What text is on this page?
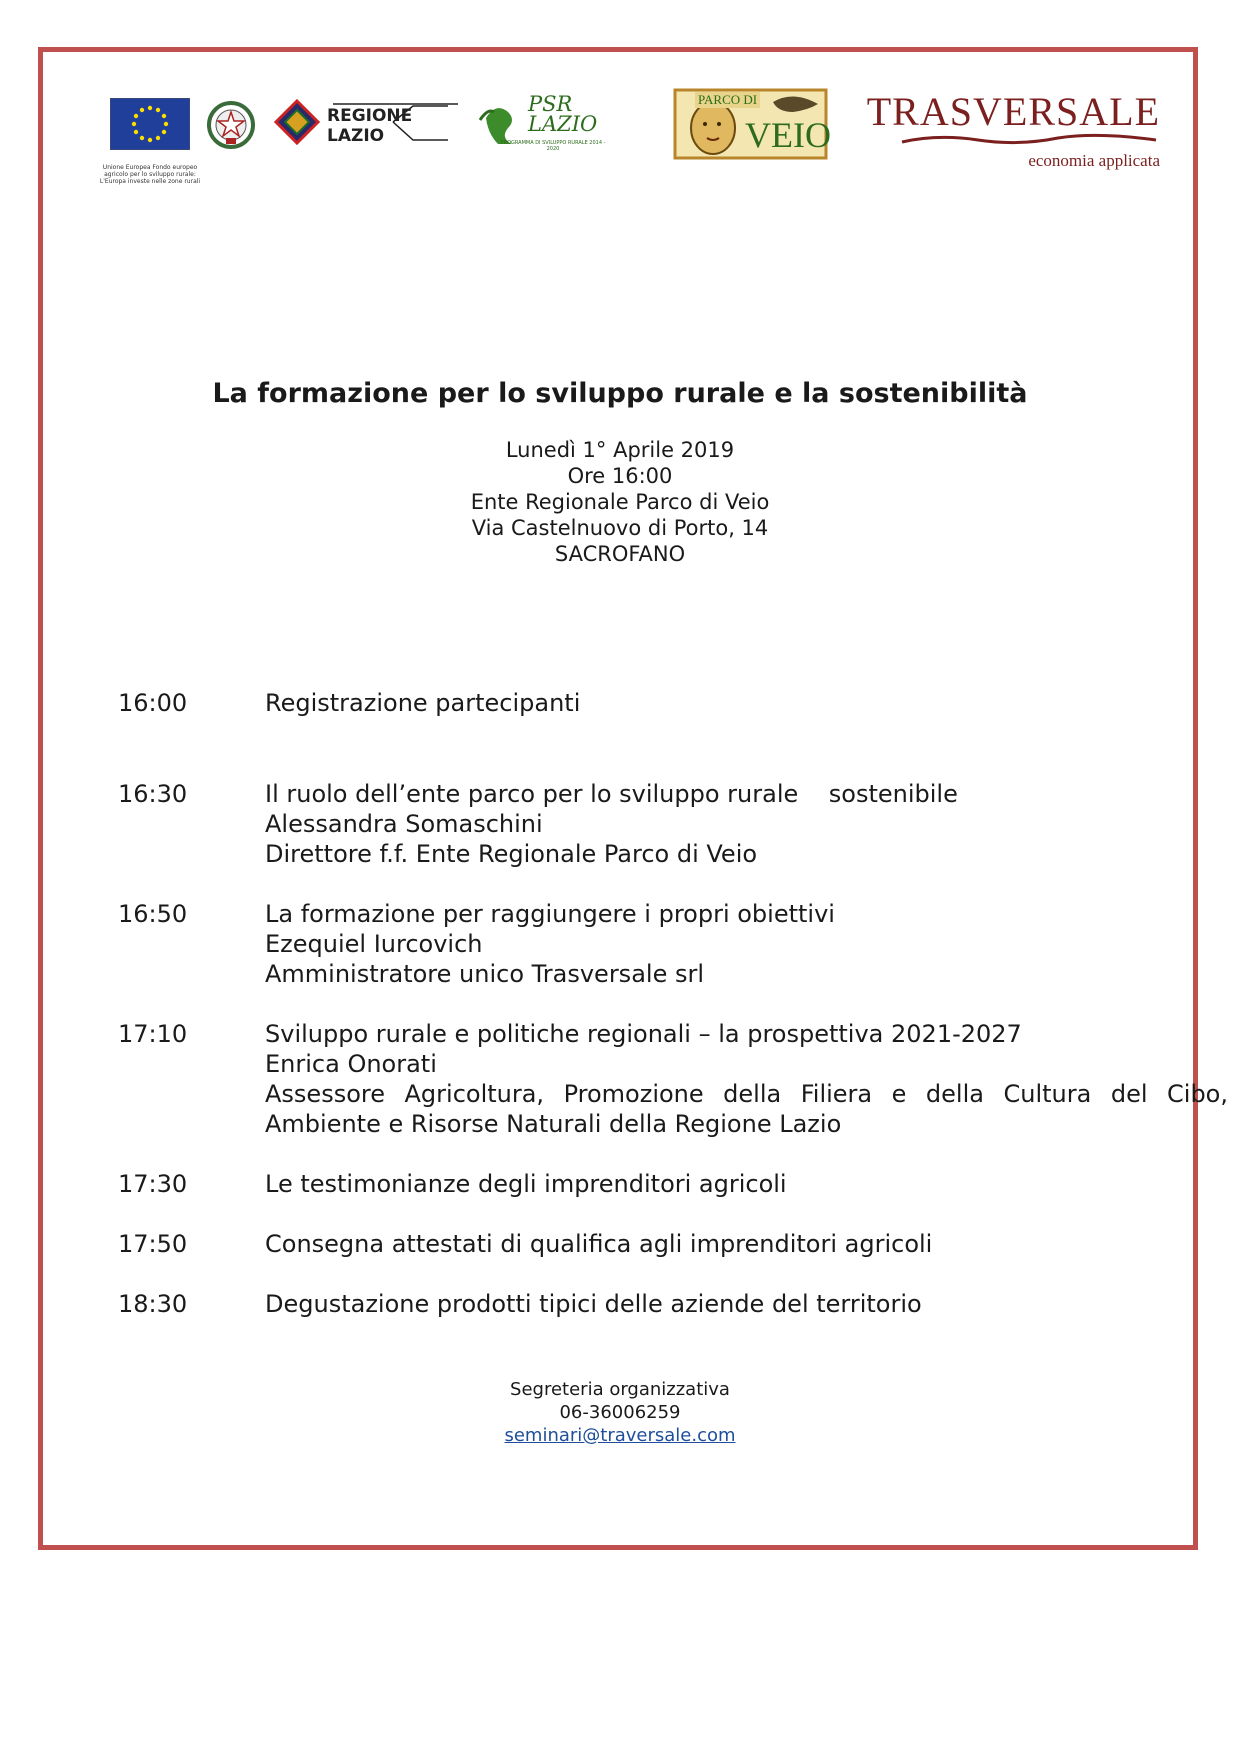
Unione Europea Fondo europeo agricolo per lo sviluppo rurale: L'Europa investe nelle zone rurali
REGIONE
LAZIO
PSR
LAZIO
PROGRAMMA DI SVILUPPO RURALE 2014 - 2020
PARCO DI
VEIO
TRASVERSALE
economia applicata
La formazione per lo sviluppo rurale e la sostenibilità
Lunedì 1° Aprile 2019
Ore 16:00
Ente Regionale Parco di Veio
Via Castelnuovo di Porto, 14
SACROFANO
16:00	Registrazione partecipanti
16:30	Il ruolo dell’ente parco per lo sviluppo rurale    sostenibile
Alessandra Somaschini
Direttore f.f. Ente Regionale Parco di Veio
16:50	La formazione per raggiungere i propri obiettivi
Ezequiel Iurcovich
Amministratore unico Trasversale srl
17:10	Sviluppo rurale e politiche regionali – la prospettiva 2021-2027
Enrica Onorati
Assessore Agricoltura, Promozione della Filiera e della Cultura del Cibo, Ambiente e Risorse Naturali della Regione Lazio
17:30	Le testimonianze degli imprenditori agricoli
17:50	Consegna attestati di qualifica agli imprenditori agricoli
18:30	Degustazione prodotti tipici delle aziende del territorio
Segreteria organizzativa
06-36006259
seminari@traversale.com
